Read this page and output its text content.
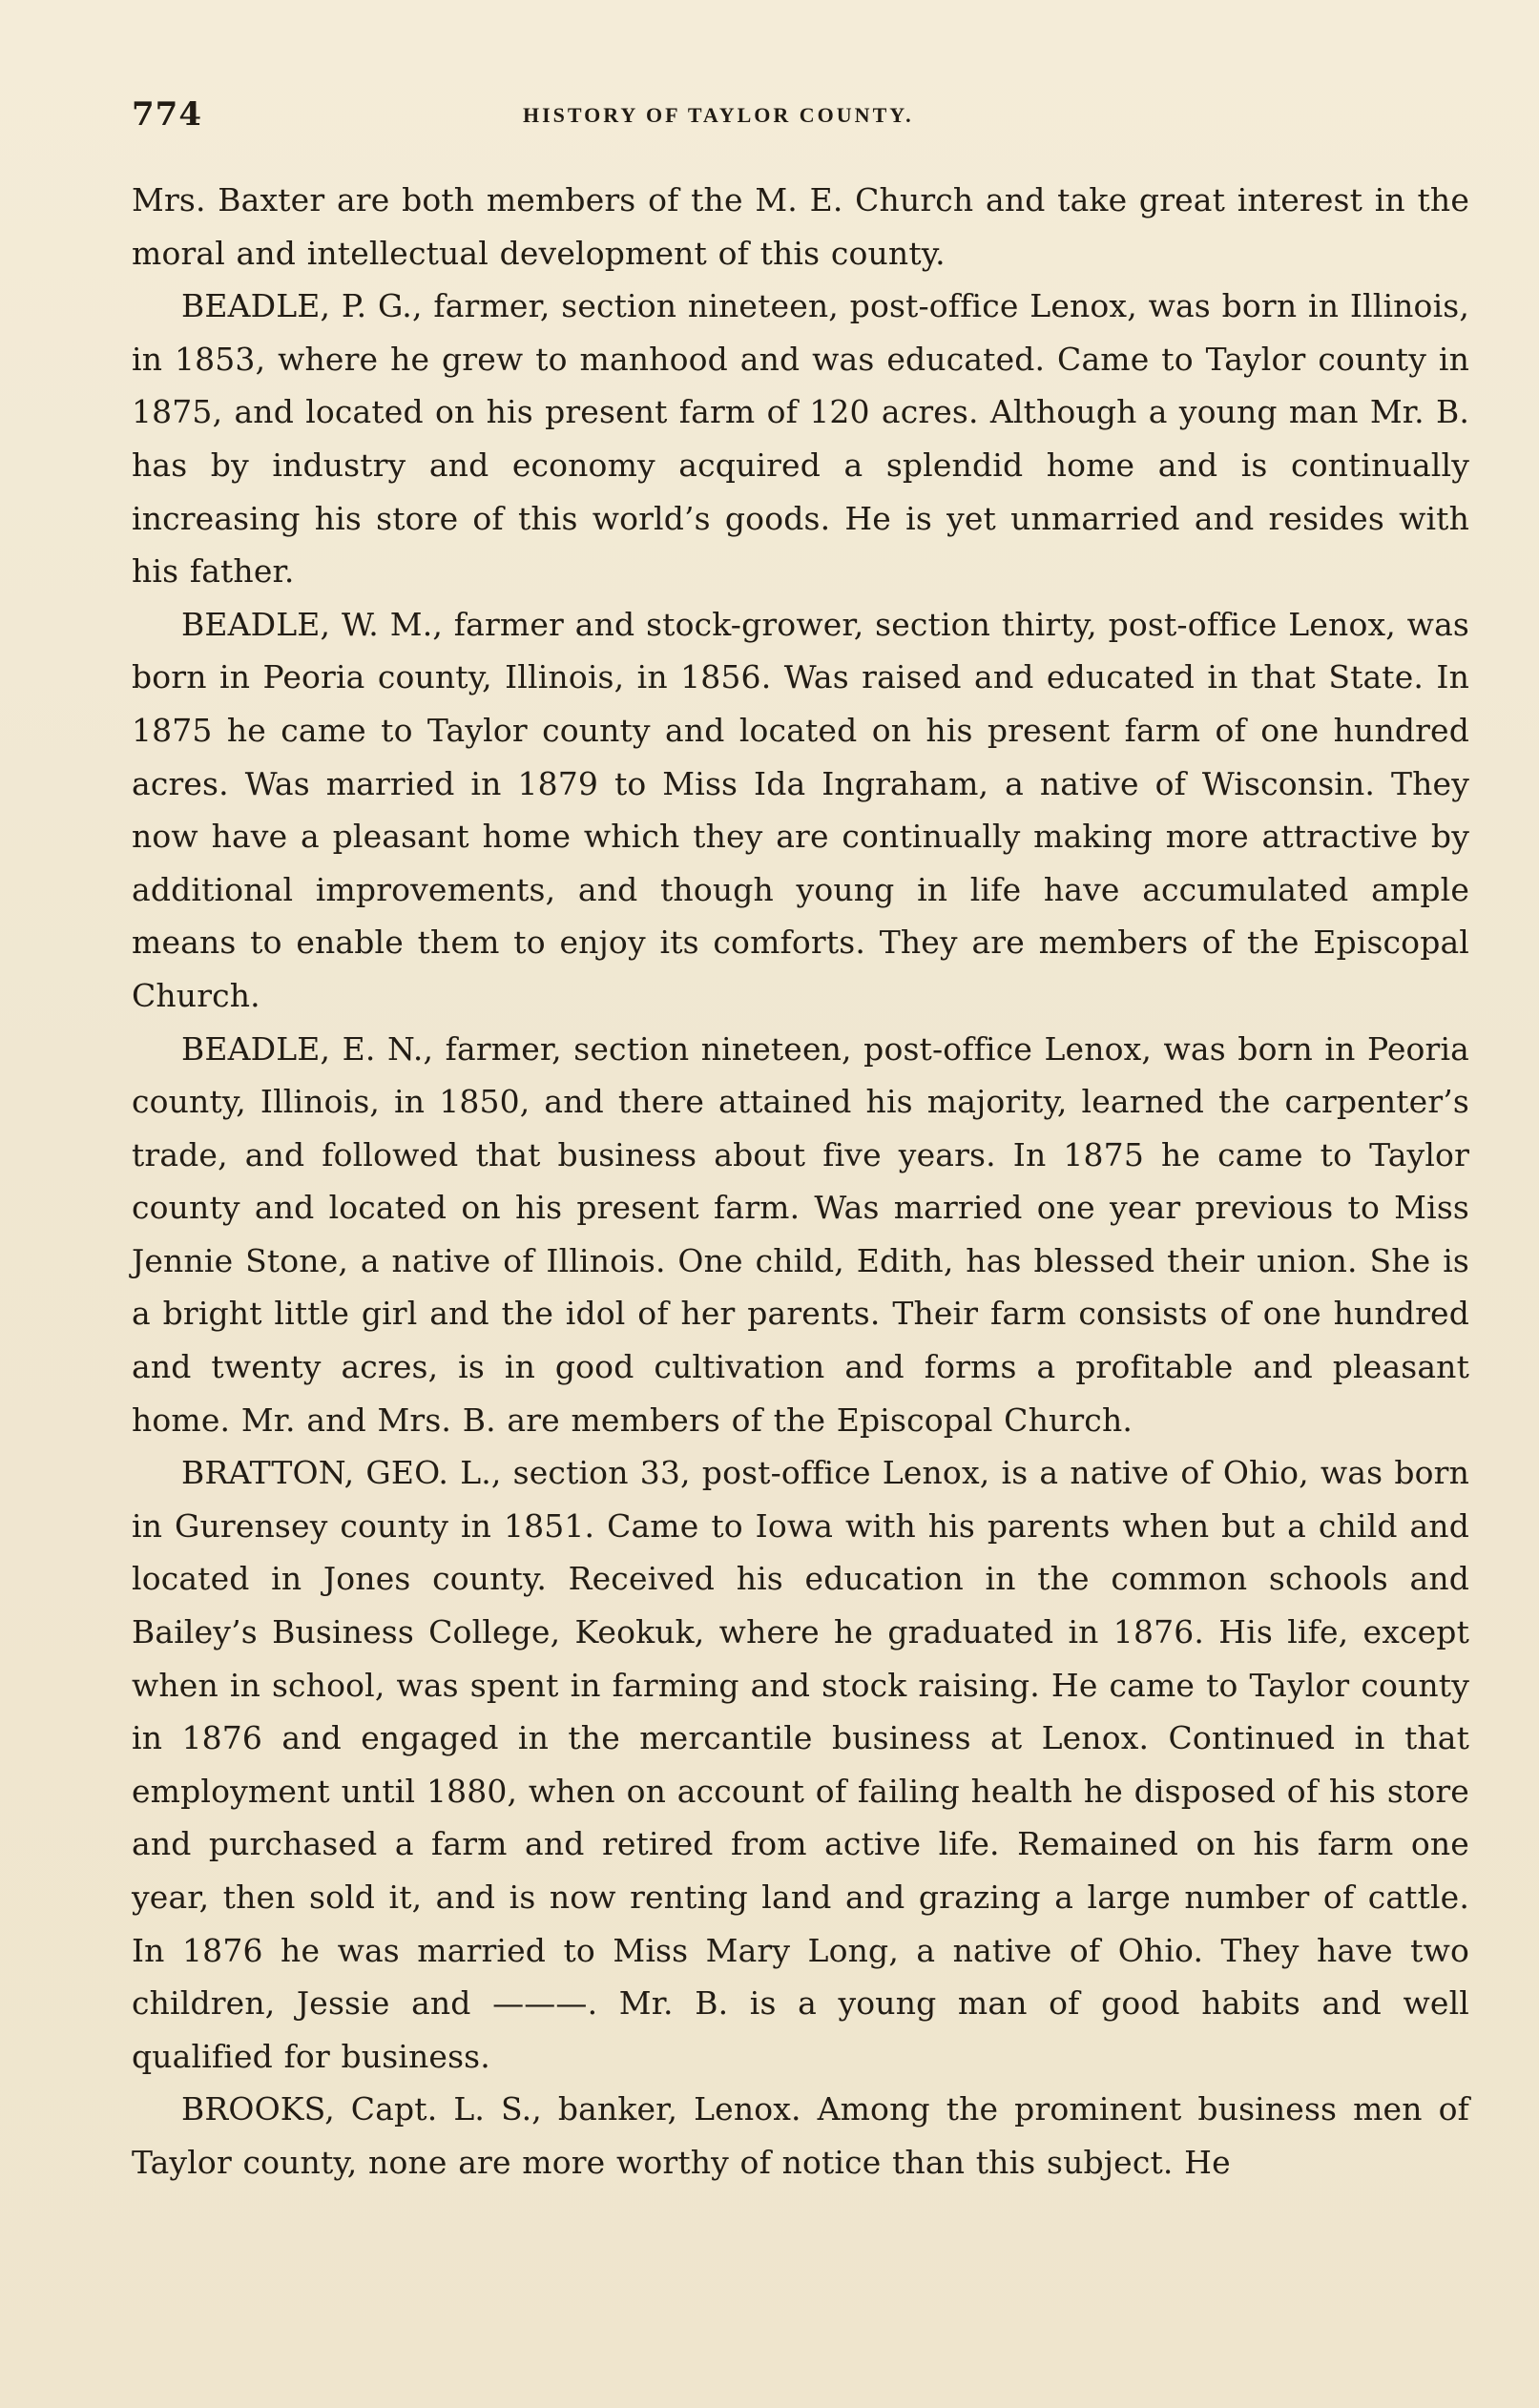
774	HISTORY OF TAYLOR COUNTY.

Mrs. Baxter are both members of the M. E. Church and take great interest in the moral and intellectual development of this county.

BEADLE, P. G., farmer, section nineteen, post-office Lenox, was born in Illinois, in 1853, where he grew to manhood and was educated. Came to Taylor county in 1875, and located on his present farm of 120 acres. Although a young man Mr. B. has by industry and economy acquired a splendid home and is continually increasing his store of this world’s goods. He is yet unmarried and resides with his father.

BEADLE, W. M., farmer and stock-grower, section thirty, post-office Lenox, was born in Peoria county, Illinois, in 1856. Was raised and educated in that State. In 1875 he came to Taylor county and located on his present farm of one hundred acres. Was married in 1879 to Miss Ida Ingraham, a native of Wisconsin. They now have a pleasant home which they are continually making more attractive by additional improvements, and though young in life have accumulated ample means to enable them to enjoy its comforts. They are members of the Episcopal Church.

BEADLE, E. N., farmer, section nineteen, post-office Lenox, was born in Peoria county, Illinois, in 1850, and there attained his majority, learned the carpenter’s trade, and followed that business about five years. In 1875 he came to Taylor county and located on his present farm. Was married one year previous to Miss Jennie Stone, a native of Illinois. One child, Edith, has blessed their union. She is a bright little girl and the idol of her parents. Their farm consists of one hundred and twenty acres, is in good cultivation and forms a profitable and pleasant home. Mr. and Mrs. B. are members of the Episcopal Church.

BRATTON, GEO. L., section 33, post-office Lenox, is a native of Ohio, was born in Gurensey county in 1851. Came to Iowa with his parents when but a child and located in Jones county. Received his education in the common schools and Bailey’s Business College, Keokuk, where he graduated in 1876. His life, except when in school, was spent in farming and stock raising. He came to Taylor county in 1876 and engaged in the mercantile business at Lenox. Continued in that employment until 1880, when on account of failing health he disposed of his store and purchased a farm and retired from active life. Remained on his farm one year, then sold it, and is now renting land and grazing a large number of cattle. In 1876 he was married to Miss Mary Long, a native of Ohio. They have two children, Jessie and ———. Mr. B. is a young man of good habits and well qualified for business.

BROOKS, Capt. L. S., banker, Lenox. Among the prominent business men of Taylor county, none are more worthy of notice than this subject. He
